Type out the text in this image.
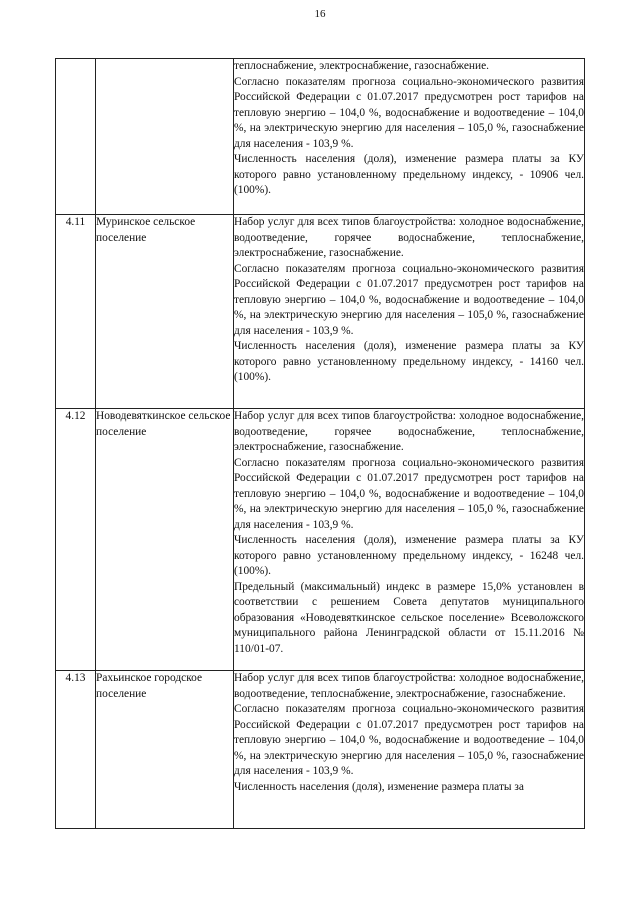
16

		теплоснабжение, электроснабжение, газоснабжение.

Согласно показателям прогноза социально-экономического развития Российской Федерации с 01.07.2017 предусмотрен рост тарифов на тепловую энергию – 104,0 %, водоснабжение и водоотведение – 104,0 %, на электрическую энергию для населения – 105,0 %, газоснабжение для населения - 103,9 %.

Численность населения (доля), изменение размера платы за КУ которого равно установленному предельному индексу, - 10906 чел. (100%).

4.11	Муринское сельское поселение	Набор услуг для всех типов благоустройства: холодное водоснабжение, водоотведение, горячее водоснабжение, теплоснабжение, электроснабжение, газоснабжение.

Согласно показателям прогноза социально-экономического развития Российской Федерации с 01.07.2017 предусмотрен рост тарифов на тепловую энергию – 104,0 %, водоснабжение и водоотведение – 104,0 %, на электрическую энергию для населения – 105,0 %, газоснабжение для населения - 103,9 %.

Численность населения (доля), изменение размера платы за КУ которого равно установленному предельному индексу, - 14160 чел. (100%).

4.12	Новодевяткинское сельское поселение	Набор услуг для всех типов благоустройства: холодное водоснабжение, водоотведение, горячее водоснабжение, теплоснабжение, электроснабжение, газоснабжение.

Согласно показателям прогноза социально-экономического развития Российской Федерации с 01.07.2017 предусмотрен рост тарифов на тепловую энергию – 104,0 %, водоснабжение и водоотведение – 104,0 %, на электрическую энергию для населения – 105,0 %, газоснабжение для населения - 103,9 %.

Численность населения (доля), изменение размера платы за КУ которого равно установленному предельному индексу, - 16248 чел. (100%).

Предельный (максимальный) индекс в размере 15,0% установлен в соответствии с решением Совета депутатов муниципального образования «Новодевяткинское сельское поселение» Всеволожского муниципального района Ленинградской области от 15.11.2016 № 110/01-07.

4.13	Рахьинское городское поселение	Набор услуг для всех типов благоустройства: холодное водоснабжение, водоотведение, теплоснабжение, электроснабжение, газоснабжение.

Согласно показателям прогноза социально-экономического развития Российской Федерации с 01.07.2017 предусмотрен рост тарифов на тепловую энергию – 104,0 %, водоснабжение и водоотведение – 104,0 %, на электрическую энергию для населения – 105,0 %, газоснабжение для населения - 103,9 %.

Численность населения (доля), изменение размера платы за
